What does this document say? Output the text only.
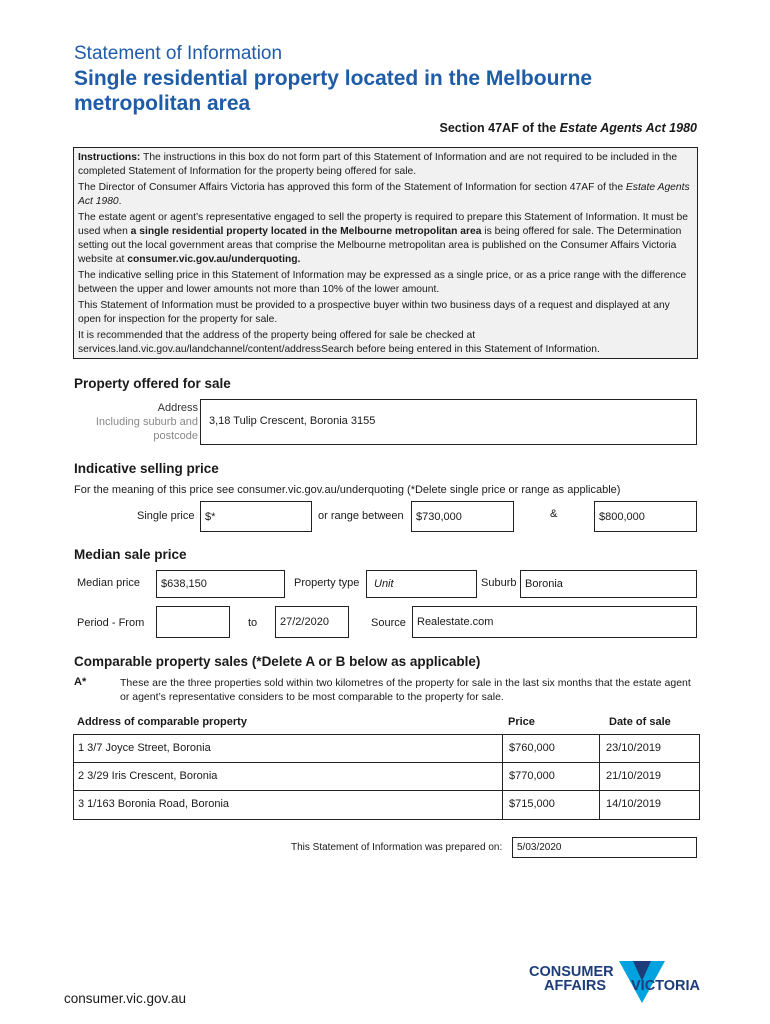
Statement of Information
Single residential property located in the Melbourne metropolitan area
Section 47AF of the Estate Agents Act 1980

Instructions: The instructions in this box do not form part of this Statement of Information and are not required to be included in the completed Statement of Information for the property being offered for sale.

The Director of Consumer Affairs Victoria has approved this form of the Statement of Information for section 47AF of the Estate Agents Act 1980.

The estate agent or agent’s representative engaged to sell the property is required to prepare this Statement of Information. It must be used when a single residential property located in the Melbourne metropolitan area is being offered for sale. The Determination setting out the local government areas that comprise the Melbourne metropolitan area is published on the Consumer Affairs Victoria website at consumer.vic.gov.au/underquoting.

The indicative selling price in this Statement of Information may be expressed as a single price, or as a price range with the difference between the upper and lower amounts not more than 10% of the lower amount.

This Statement of Information must be provided to a prospective buyer within two business days of a request and displayed at any open for inspection for the property for sale.

It is recommended that the address of the property being offered for sale be checked at services.land.vic.gov.au/landchannel/content/addressSearch before being entered in this Statement of Information.

Property offered for sale
Address
Including suburb and
postcode
3,18 Tulip Crescent, Boronia 3155
Indicative selling price
For the meaning of this price see consumer.vic.gov.au/underquoting (*Delete single price or range as applicable)
Single price $*	or range between	$730,000	&	$800,000
Median sale price
Median price	$638,150	Property type	Unit	Suburb Boronia
Period - From	to	27/2/2020	Source	Realestate.com
Comparable property sales (*Delete A or B below as applicable)
A*	These are the three properties sold within two kilometres of the property for sale in the last six months that the estate agent or agent’s representative considers to be most comparable to the property for sale.
Address of comparable property	Price	Date of sale
1 3/7 Joyce Street, Boronia	$760,000	23/10/2019
2 3/29 Iris Crescent, Boronia	$770,000	21/10/2019
3 1/163 Boronia Road, Boronia	$715,000	14/10/2019
This Statement of Information was prepared on:	5/03/2020
consumer.vic.gov.au
CONSUMER
AFFAIRS VICTORIA
